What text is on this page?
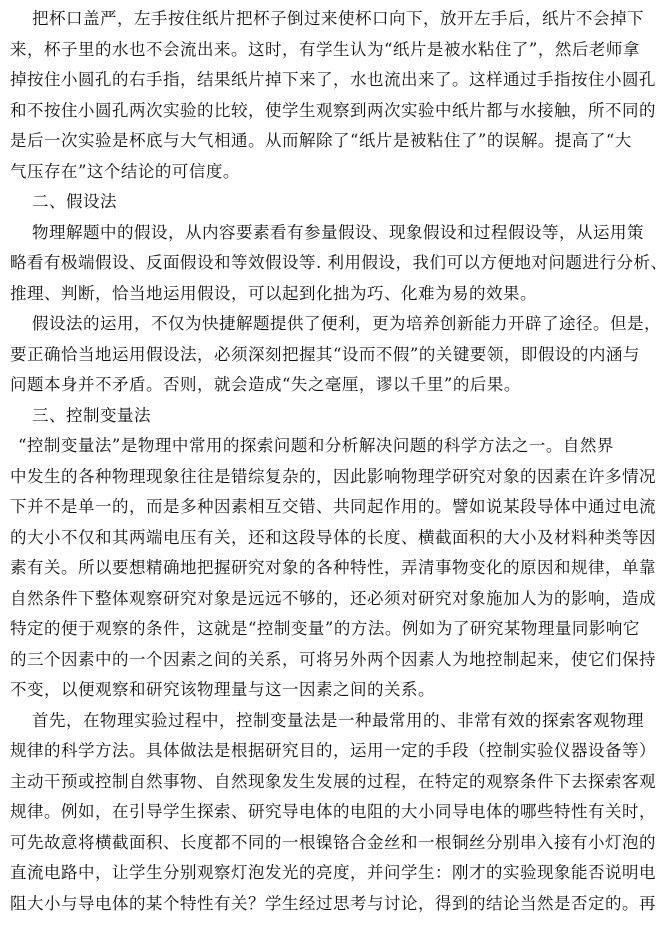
把杯口盖严，左手按住纸片把杯子倒过来使杯口向下，放开左手后，纸片不会掉下
来，杯子里的水也不会流出来。这时，有学生认为“纸片是被水粘住了”，然后老师拿
掉按住小圆孔的右手指，结果纸片掉下来了，水也流出来了。这样通过手指按住小圆孔
和不按住小圆孔两次实验的比较，使学生观察到两次实验中纸片都与水接触，所不同的
是后一次实验是杯底与大气相通。从而解除了“纸片是被粘住了”的误解。提高了“大
气压存在”这个结论的可信度。
二、假设法
物理解题中的假设，从内容要素看有参量假设、现象假设和过程假设等，从运用策
略看有极端假设、反面假设和等效假设等. 利用假设，我们可以方便地对问题进行分析、
推理、判断，恰当地运用假设，可以起到化拙为巧、化难为易的效果。
假设法的运用，不仅为快捷解题提供了便利，更为培养创新能力开辟了途径。但是，
要正确恰当地运用假设法，必须深刻把握其“设而不假”的关键要领，即假设的内涵与
问题本身并不矛盾。否则，就会造成“失之毫厘，谬以千里”的后果。
三、控制变量法
“控制变量法”是物理中常用的探索问题和分析解决问题的科学方法之一。自然界
中发生的各种物理现象往往是错综复杂的，因此影响物理学研究对象的因素在许多情况
下并不是单一的，而是多种因素相互交错、共同起作用的。譬如说某段导体中通过电流
的大小不仅和其两端电压有关，还和这段导体的长度、横截面积的大小及材料种类等因
素有关。所以要想精确地把握研究对象的各种特性，弄清事物变化的原因和规律，单靠
自然条件下整体观察研究对象是远远不够的，还必须对研究对象施加人为的影响，造成
特定的便于观察的条件，这就是“控制变量”的方法。例如为了研究某物理量同影响它
的三个因素中的一个因素之间的关系，可将另外两个因素人为地控制起来，使它们保持
不变，以便观察和研究该物理量与这一因素之间的关系。
首先，在物理实验过程中，控制变量法是一种最常用的、非常有效的探索客观物理
规律的科学方法。具体做法是根据研究目的，运用一定的手段（控制实验仪器设备等）
主动干预或控制自然事物、自然现象发生发展的过程，在特定的观察条件下去探索客观
规律。例如，在引导学生探索、研究导电体的电阻的大小同导电体的哪些特性有关时，
可先故意将横截面积、长度都不同的一根镍铬合金丝和一根铜丝分别串入接有小灯泡的
直流电路中，让学生分别观察灯泡发光的亮度，并问学生：刚才的实验现象能否说明电
阻大小与导电体的某个特性有关？学生经过思考与讨论，得到的结论当然是否定的。再
